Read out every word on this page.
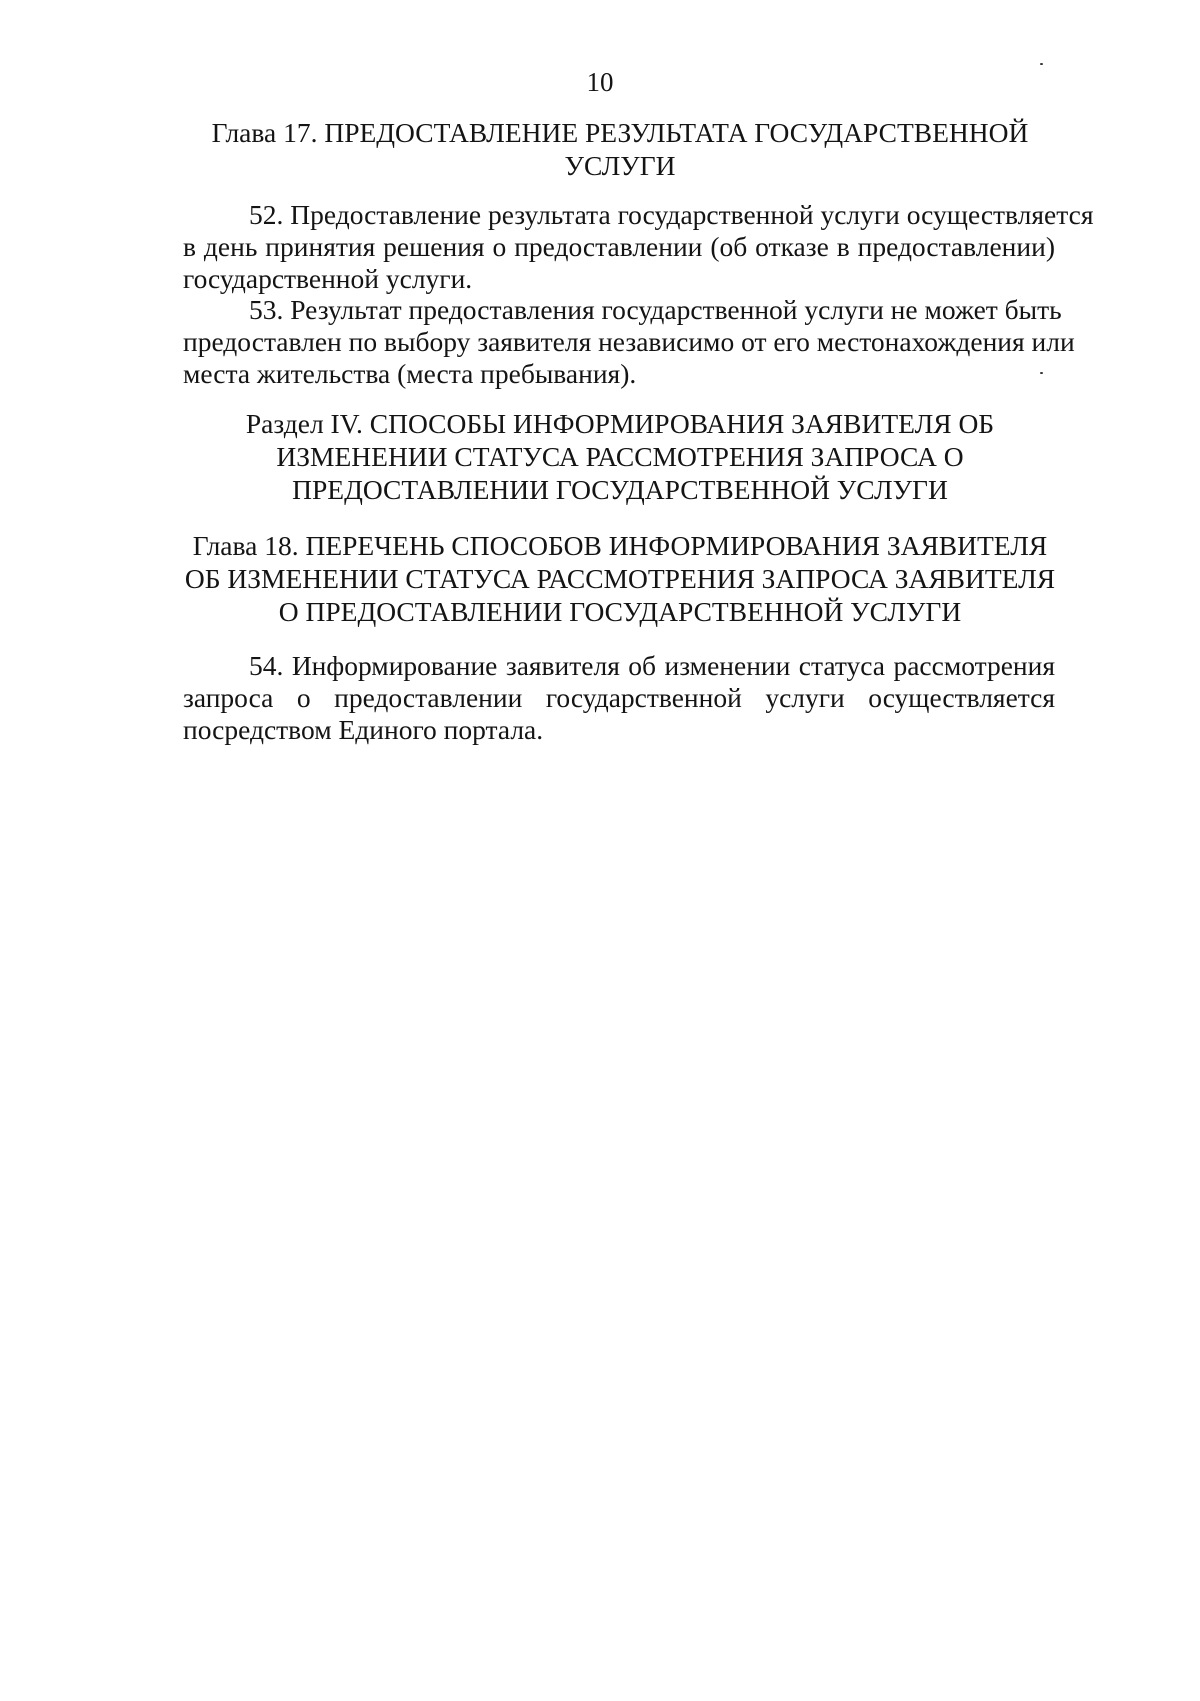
10
Глава 17. ПРЕДОСТАВЛЕНИЕ РЕЗУЛЬТАТА ГОСУДАРСТВЕННОЙ
УСЛУГИ
52. Предоставление результата государственной услуги осуществляется
в день принятия решения о предоставлении (об отказе в предоставлении)
государственной услуги.
53. Результат предоставления государственной услуги не может быть
предоставлен по выбору заявителя независимо от его местонахождения или
места жительства (места пребывания).
Раздел IV. СПОСОБЫ ИНФОРМИРОВАНИЯ ЗАЯВИТЕЛЯ ОБ
ИЗМЕНЕНИИ СТАТУСА РАССМОТРЕНИЯ ЗАПРОСА О
ПРЕДОСТАВЛЕНИИ ГОСУДАРСТВЕННОЙ УСЛУГИ
Глава 18. ПЕРЕЧЕНЬ СПОСОБОВ ИНФОРМИРОВАНИЯ ЗАЯВИТЕЛЯ
ОБ ИЗМЕНЕНИИ СТАТУСА РАССМОТРЕНИЯ ЗАПРОСА ЗАЯВИТЕЛЯ
О ПРЕДОСТАВЛЕНИИ ГОСУДАРСТВЕННОЙ УСЛУГИ
54. Информирование заявителя об изменении статуса рассмотрения
запроса о предоставлении государственной услуги осуществляется
посредством Единого портала.
